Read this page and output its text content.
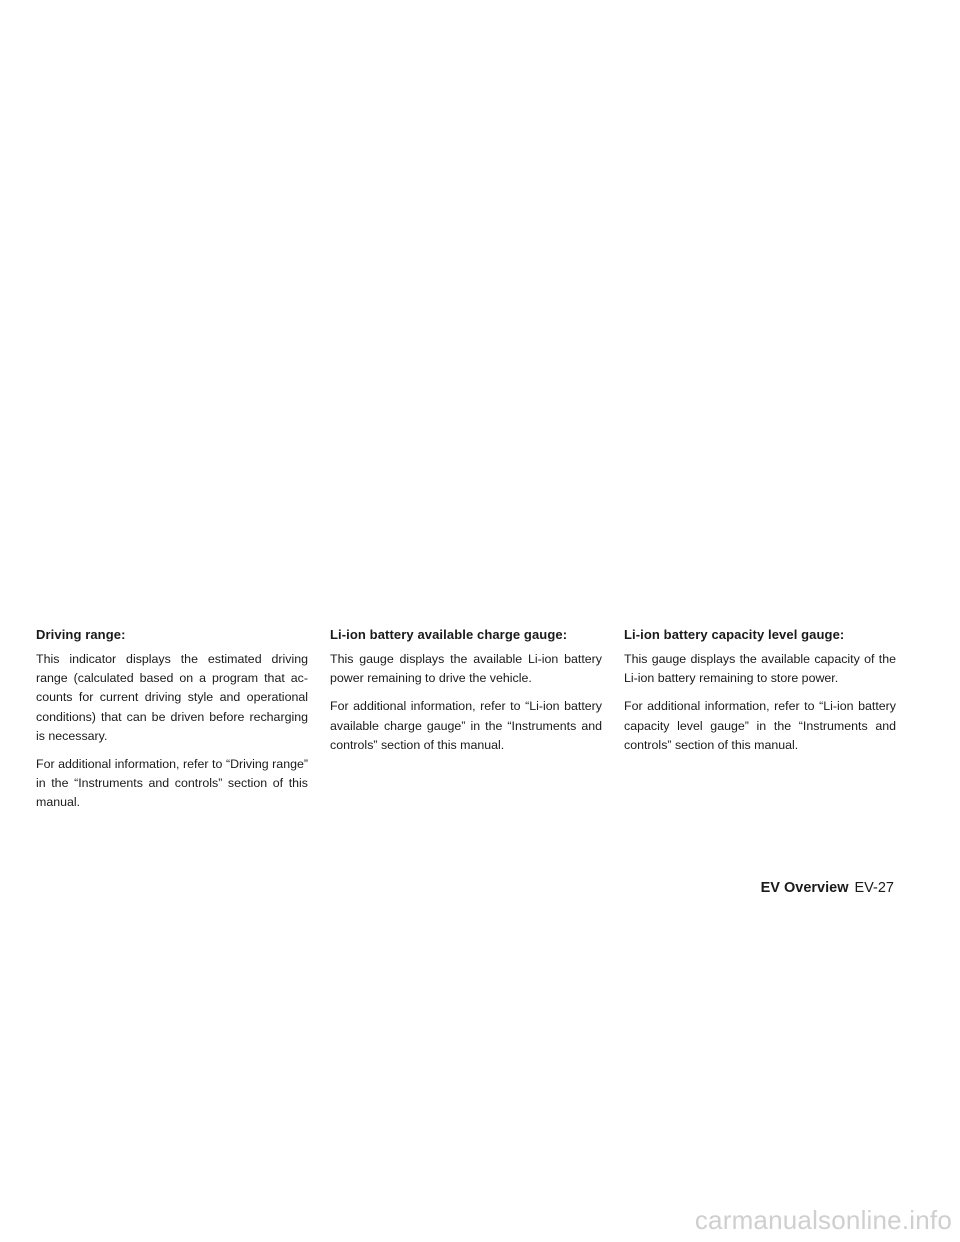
Driving range:

This indicator displays the estimated driving range (calculated based on a program that ac-counts for current driving style and operational conditions) that can be driven before recharging is necessary.

For additional information, refer to “Driving range” in the “Instruments and controls” section of this manual.

Li-ion battery available charge gauge:

This gauge displays the available Li-ion battery power remaining to drive the vehicle.

For additional information, refer to “Li-ion battery available charge gauge” in the “Instruments and controls” section of this manual.

Li-ion battery capacity level gauge:

This gauge displays the available capacity of the Li-ion battery remaining to store power.

For additional information, refer to “Li-ion battery capacity level gauge” in the “Instruments and controls” section of this manual.

EV Overview EV-27
carmanualsonline.info
